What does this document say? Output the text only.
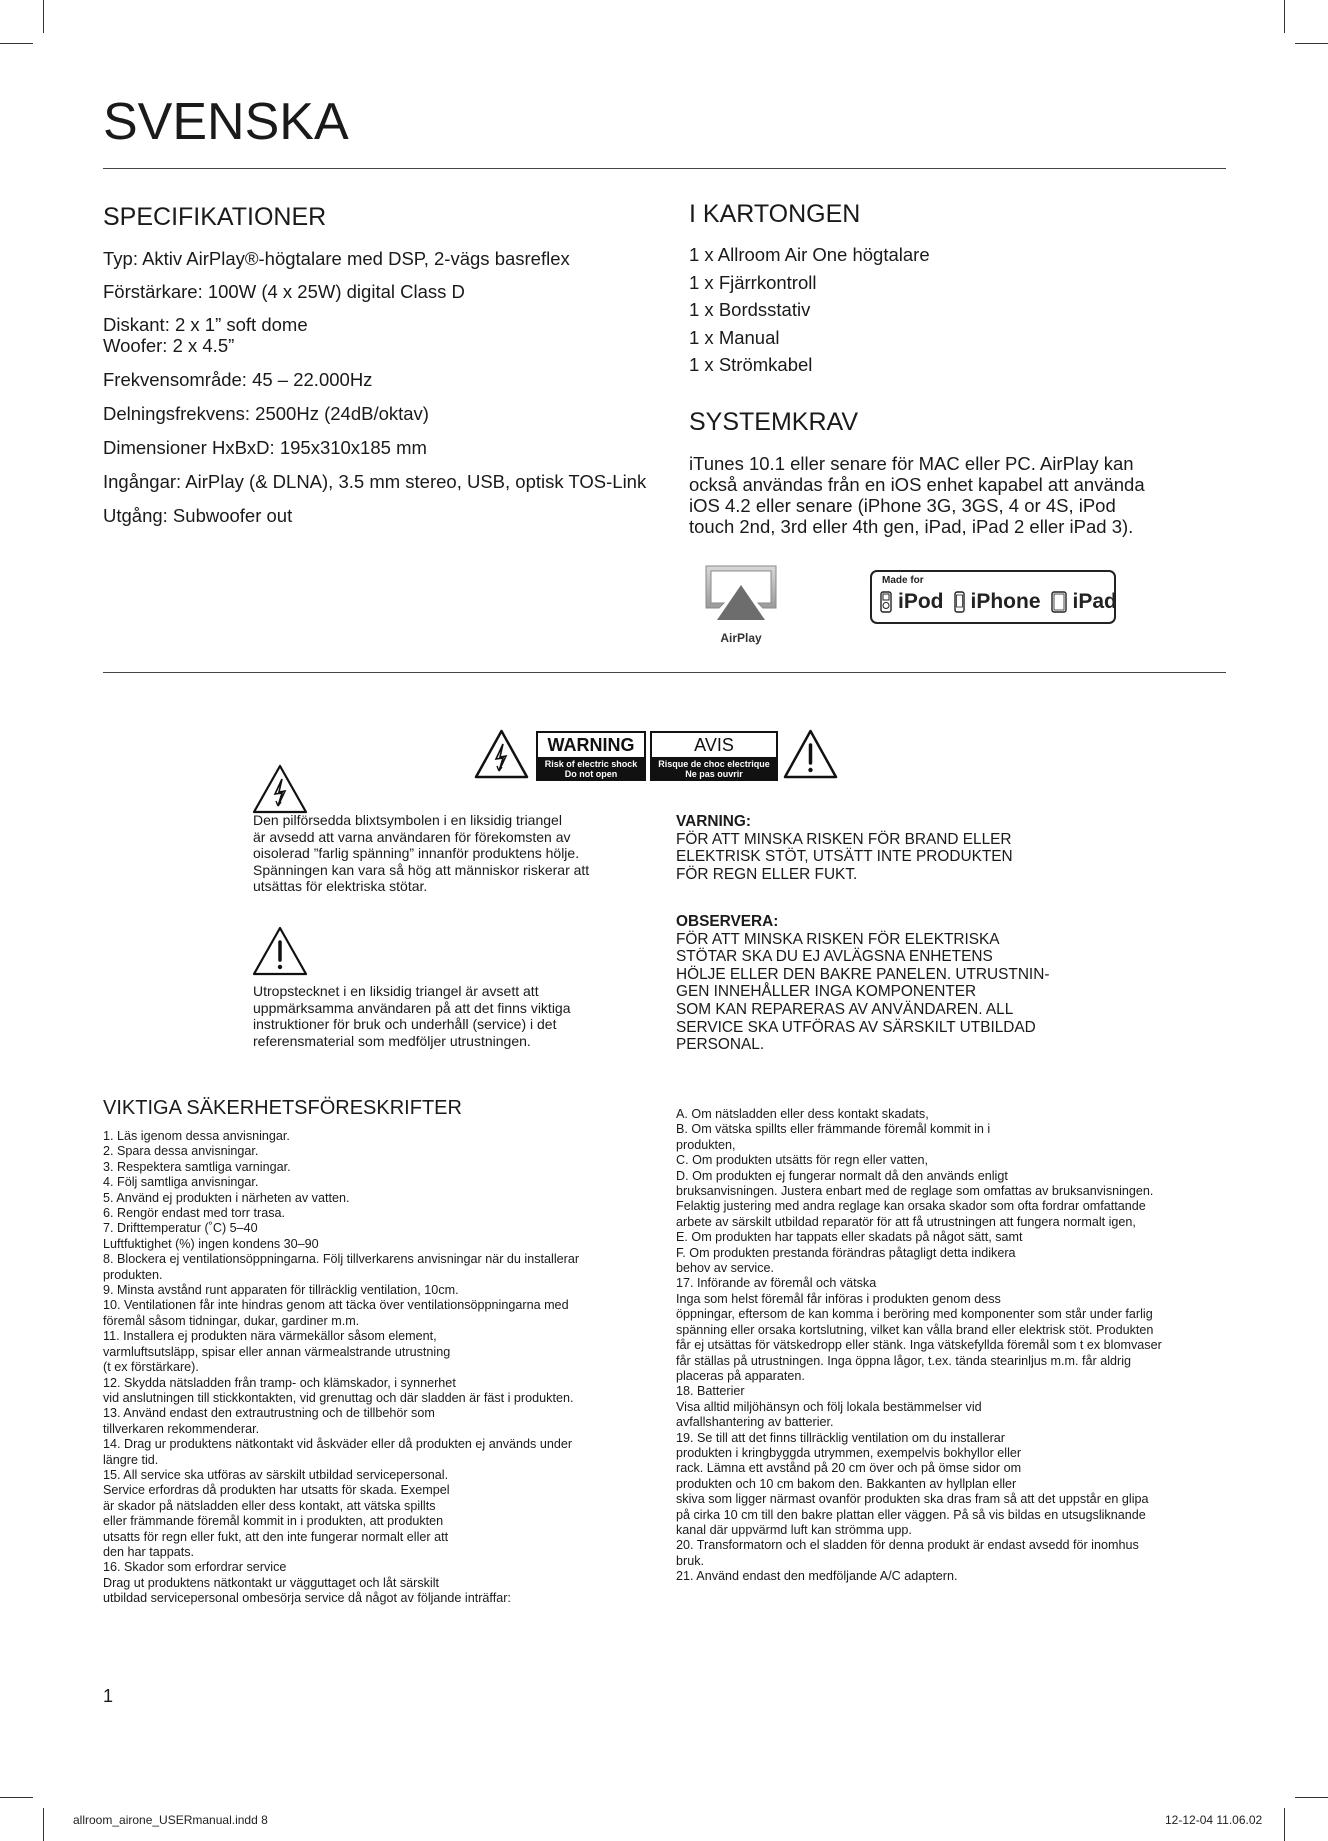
SVENSKA
SPECIFIKATIONER
Typ: Aktiv AirPlay®-högtalare med DSP, 2-vägs basreflex
Förstärkare: 100W (4 x 25W) digital Class D
Diskant: 2 x 1” soft dome
Woofer: 2 x 4.5”
Frekvensområde: 45 – 22.000Hz
Delningsfrekvens: 2500Hz (24dB/oktav)
Dimensioner HxBxD: 195x310x185 mm
Ingångar: AirPlay (& DLNA), 3.5 mm stereo, USB, optisk TOS-Link
Utgång: Subwoofer out
I KARTONGEN
1 x Allroom Air One högtalare
1 x Fjärrkontroll
1 x Bordsstativ
1 x Manual
1 x Strömkabel
SYSTEMKRAV
iTunes 10.1 eller senare för MAC eller PC. AirPlay kan
också användas från en iOS enhet kapabel att använda
iOS 4.2 eller senare (iPhone 3G, 3GS, 4 or 4S, iPod
touch 2nd, 3rd eller 4th gen, iPad, iPad 2 eller iPad 3).
AirPlay
Made for
iPod iPhone iPad
WARNING
Risk of electric shock
Do not open
AVIS
Risque de choc electrique
Ne pas ouvrir
Den pilförsedda blixtsymbolen i en liksidig triangel
är avsedd att varna användaren för förekomsten av
oisolerad ”farlig spänning” innanför produktens hölje.
Spänningen kan vara så hög att människor riskerar att
utsättas för elektriska stötar.
Utropstecknet i en liksidig triangel är avsett att
uppmärksamma användaren på att det finns viktiga
instruktioner för bruk och underhåll (service) i det
referensmaterial som medföljer utrustningen.
VARNING:
FÖR ATT MINSKA RISKEN FÖR BRAND ELLER
ELEKTRISK STÖT, UTSÄTT INTE PRODUKTEN
FÖR REGN ELLER FUKT.
OBSERVERA:
FÖR ATT MINSKA RISKEN FÖR ELEKTRISKA
STÖTAR SKA DU EJ AVLÄGSNA ENHETENS
HÖLJE ELLER DEN BAKRE PANELEN. UTRUSTNIN-
GEN INNEHÅLLER INGA KOMPONENTER
SOM KAN REPARERAS AV ANVÄNDAREN. ALL
SERVICE SKA UTFÖRAS AV SÄRSKILT UTBILDAD
PERSONAL.
VIKTIGA SÄKERHETSFÖRESKRIFTER
1. Läs igenom dessa anvisningar.
2. Spara dessa anvisningar.
3. Respektera samtliga varningar.
4. Följ samtliga anvisningar.
5. Använd ej produkten i närheten av vatten.
6. Rengör endast med torr trasa.
7. Drifttemperatur (˚C) 5–40
Luftfuktighet (%) ingen kondens 30–90
8. Blockera ej ventilationsöppningarna. Följ tillverkarens anvisningar när du installerar
produkten.
9. Minsta avstånd runt apparaten för tillräcklig ventilation, 10cm.
10. Ventilationen får inte hindras genom att täcka över ventilationsöppningarna med
föremål såsom tidningar, dukar, gardiner m.m.
11. Installera ej produkten nära värmekällor såsom element,
varmluftsutsläpp, spisar eller annan värmealstrande utrustning
(t ex förstärkare).
12. Skydda nätsladden från tramp- och klämskador, i synnerhet
vid anslutningen till stickkontakten, vid grenuttag och där sladden är fäst i produkten.
13. Använd endast den extrautrustning och de tillbehör som
tillverkaren rekommenderar.
14. Drag ur produktens nätkontakt vid åskväder eller då produkten ej används under
längre tid.
15. All service ska utföras av särskilt utbildad servicepersonal.
Service erfordras då produkten har utsatts för skada. Exempel
är skador på nätsladden eller dess kontakt, att vätska spillts
eller främmande föremål kommit in i produkten, att produkten
utsatts för regn eller fukt, att den inte fungerar normalt eller att
den har tappats.
16. Skador som erfordrar service
Drag ut produktens nätkontakt ur vägguttaget och låt särskilt
utbildad servicepersonal ombesörja service då något av följande inträffar:
A. Om nätsladden eller dess kontakt skadats,
B. Om vätska spillts eller främmande föremål kommit in i
produkten,
C. Om produkten utsätts för regn eller vatten,
D. Om produkten ej fungerar normalt då den används enligt
bruksanvisningen. Justera enbart med de reglage som omfattas av bruksanvisningen.
Felaktig justering med andra reglage kan orsaka skador som ofta fordrar omfattande
arbete av särskilt utbildad reparatör för att få utrustningen att fungera normalt igen,
E. Om produkten har tappats eller skadats på något sätt, samt
F. Om produkten prestanda förändras påtagligt detta indikera
behov av service.
17. Införande av föremål och vätska
Inga som helst föremål får införas i produkten genom dess
öppningar, eftersom de kan komma i beröring med komponenter som står under farlig
spänning eller orsaka kortslutning, vilket kan vålla brand eller elektrisk stöt. Produkten
får ej utsättas för vätskedropp eller stänk. Inga vätskefyllda föremål som t ex blomvaser
får ställas på utrustningen. Inga öppna lågor, t.ex. tända stearinljus m.m. får aldrig
placeras på apparaten.
18. Batterier
Visa alltid miljöhänsyn och följ lokala bestämmelser vid
avfallshantering av batterier.
19. Se till att det finns tillräcklig ventilation om du installerar
produkten i kringbyggda utrymmen, exempelvis bokhyllor eller
rack. Lämna ett avstånd på 20 cm över och på ömse sidor om
produkten och 10 cm bakom den. Bakkanten av hyllplan eller
skiva som ligger närmast ovanför produkten ska dras fram så att det uppstår en glipa
på cirka 10 cm till den bakre plattan eller väggen. På så vis bildas en utsugsliknande
kanal där uppvärmd luft kan strömma upp.
20. Transformatorn och el sladden för denna produkt är endast avsedd för inomhus
bruk.
21. Använd endast den medföljande A/C adaptern.
1
allroom_airone_USERmanual.indd 8	12-12-04 11.06.02
